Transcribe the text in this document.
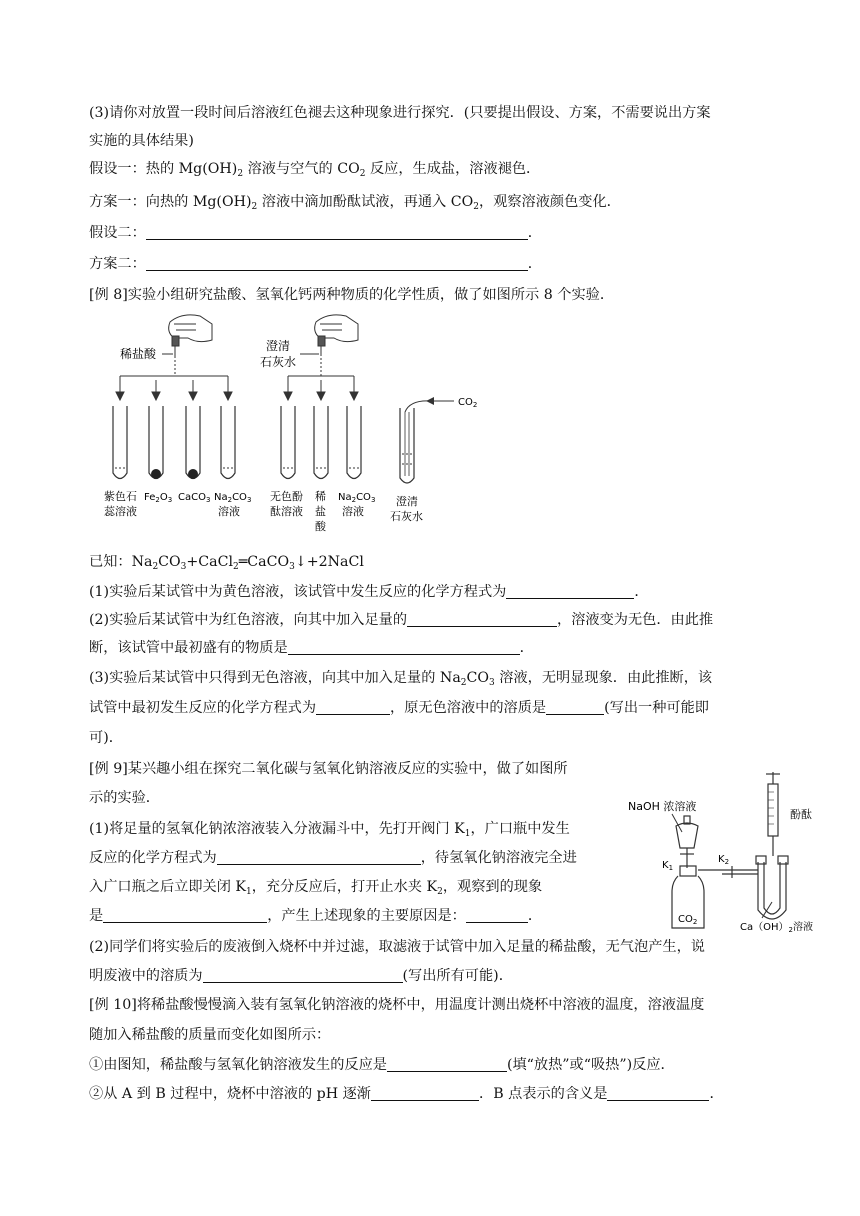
(3)请你对放置一段时间后溶液红色褪去这种现象进行探究．(只要提出假设、方案，不需要说出方案
实施的具体结果)
假设一：热的 $Mg(OH)_2$ 溶液与空气的 $CO_2$ 反应，生成盐，溶液褪色．
方案一：向热的 $Mg(OH)_2$ 溶液中滴加酚酞试液，再通入 $CO_2$，观察溶液颜色变化．
假设二：	．
方案二：	．
[例 8]实验小组研究盐酸、氢氧化钙两种物质的化学性质，做了如图所示 8 个实验．
稀盐酸
紫色石
蕊溶液
$Fe_2O_3$ CaCO$_3$ $Na_2CO_3$
溶液
澄清
石灰水
无色酚
酞溶液
稀
盐
酸
$Na_2CO_3$
溶液
$CO_2$
澄清
石灰水
已知：$Na_2CO_3+CaCl_2═CaCO_3↓+2NaCl$
(1)实验后某试管中为黄色溶液，该试管中发生反应的化学方程式为	．
(2)实验后某试管中为红色溶液，向其中加入足量的	，溶液变为无色．由此推
断，该试管中最初盛有的物质是	．
(3)实验后某试管中只得到无色溶液，向其中加入足量的 $Na_2CO_3$ 溶液，无明显现象．由此推断，该
试管中最初发生反应的化学方程式为	，原无色溶液中的溶质是	(写出一种可能即
可)．
[例 9]某兴趣小组在探究二氧化碳与氢氧化钠溶液反应的实验中，做了如图所
示的实验．
(1)将足量的氢氧化钠浓溶液装入分液漏斗中，先打开阀门 $K_1$，广口瓶中发生
反应的化学方程式为	，待氢氧化钠溶液完全进
入广口瓶之后立即关闭 $K_1$，充分反应后，打开止水夹 $K_2$，观察到的现象
是	，产生上述现象的主要原因是：	．
(2)同学们将实验后的废液倒入烧杯中并过滤，取滤液于试管中加入足量的稀盐酸，无气泡产生，说
明废液中的溶质为	(写出所有可能)．
NaOH 浓溶液
$K_1$
$CO_2$
$K_2$
酚酞
$Ca(OH)_2$溶液
[例 10]将稀盐酸慢慢滴入装有氢氧化钠溶液的烧杯中，用温度计测出烧杯中溶液的温度，溶液温度
随加入稀盐酸的质量而变化如图所示：
①由图知，稀盐酸与氢氧化钠溶液发生的反应是	(填“放热”或“吸热”)反应．
②从 A 到 B 过程中，烧杯中溶液的 pH 逐渐	．B 点表示的含义是	．
